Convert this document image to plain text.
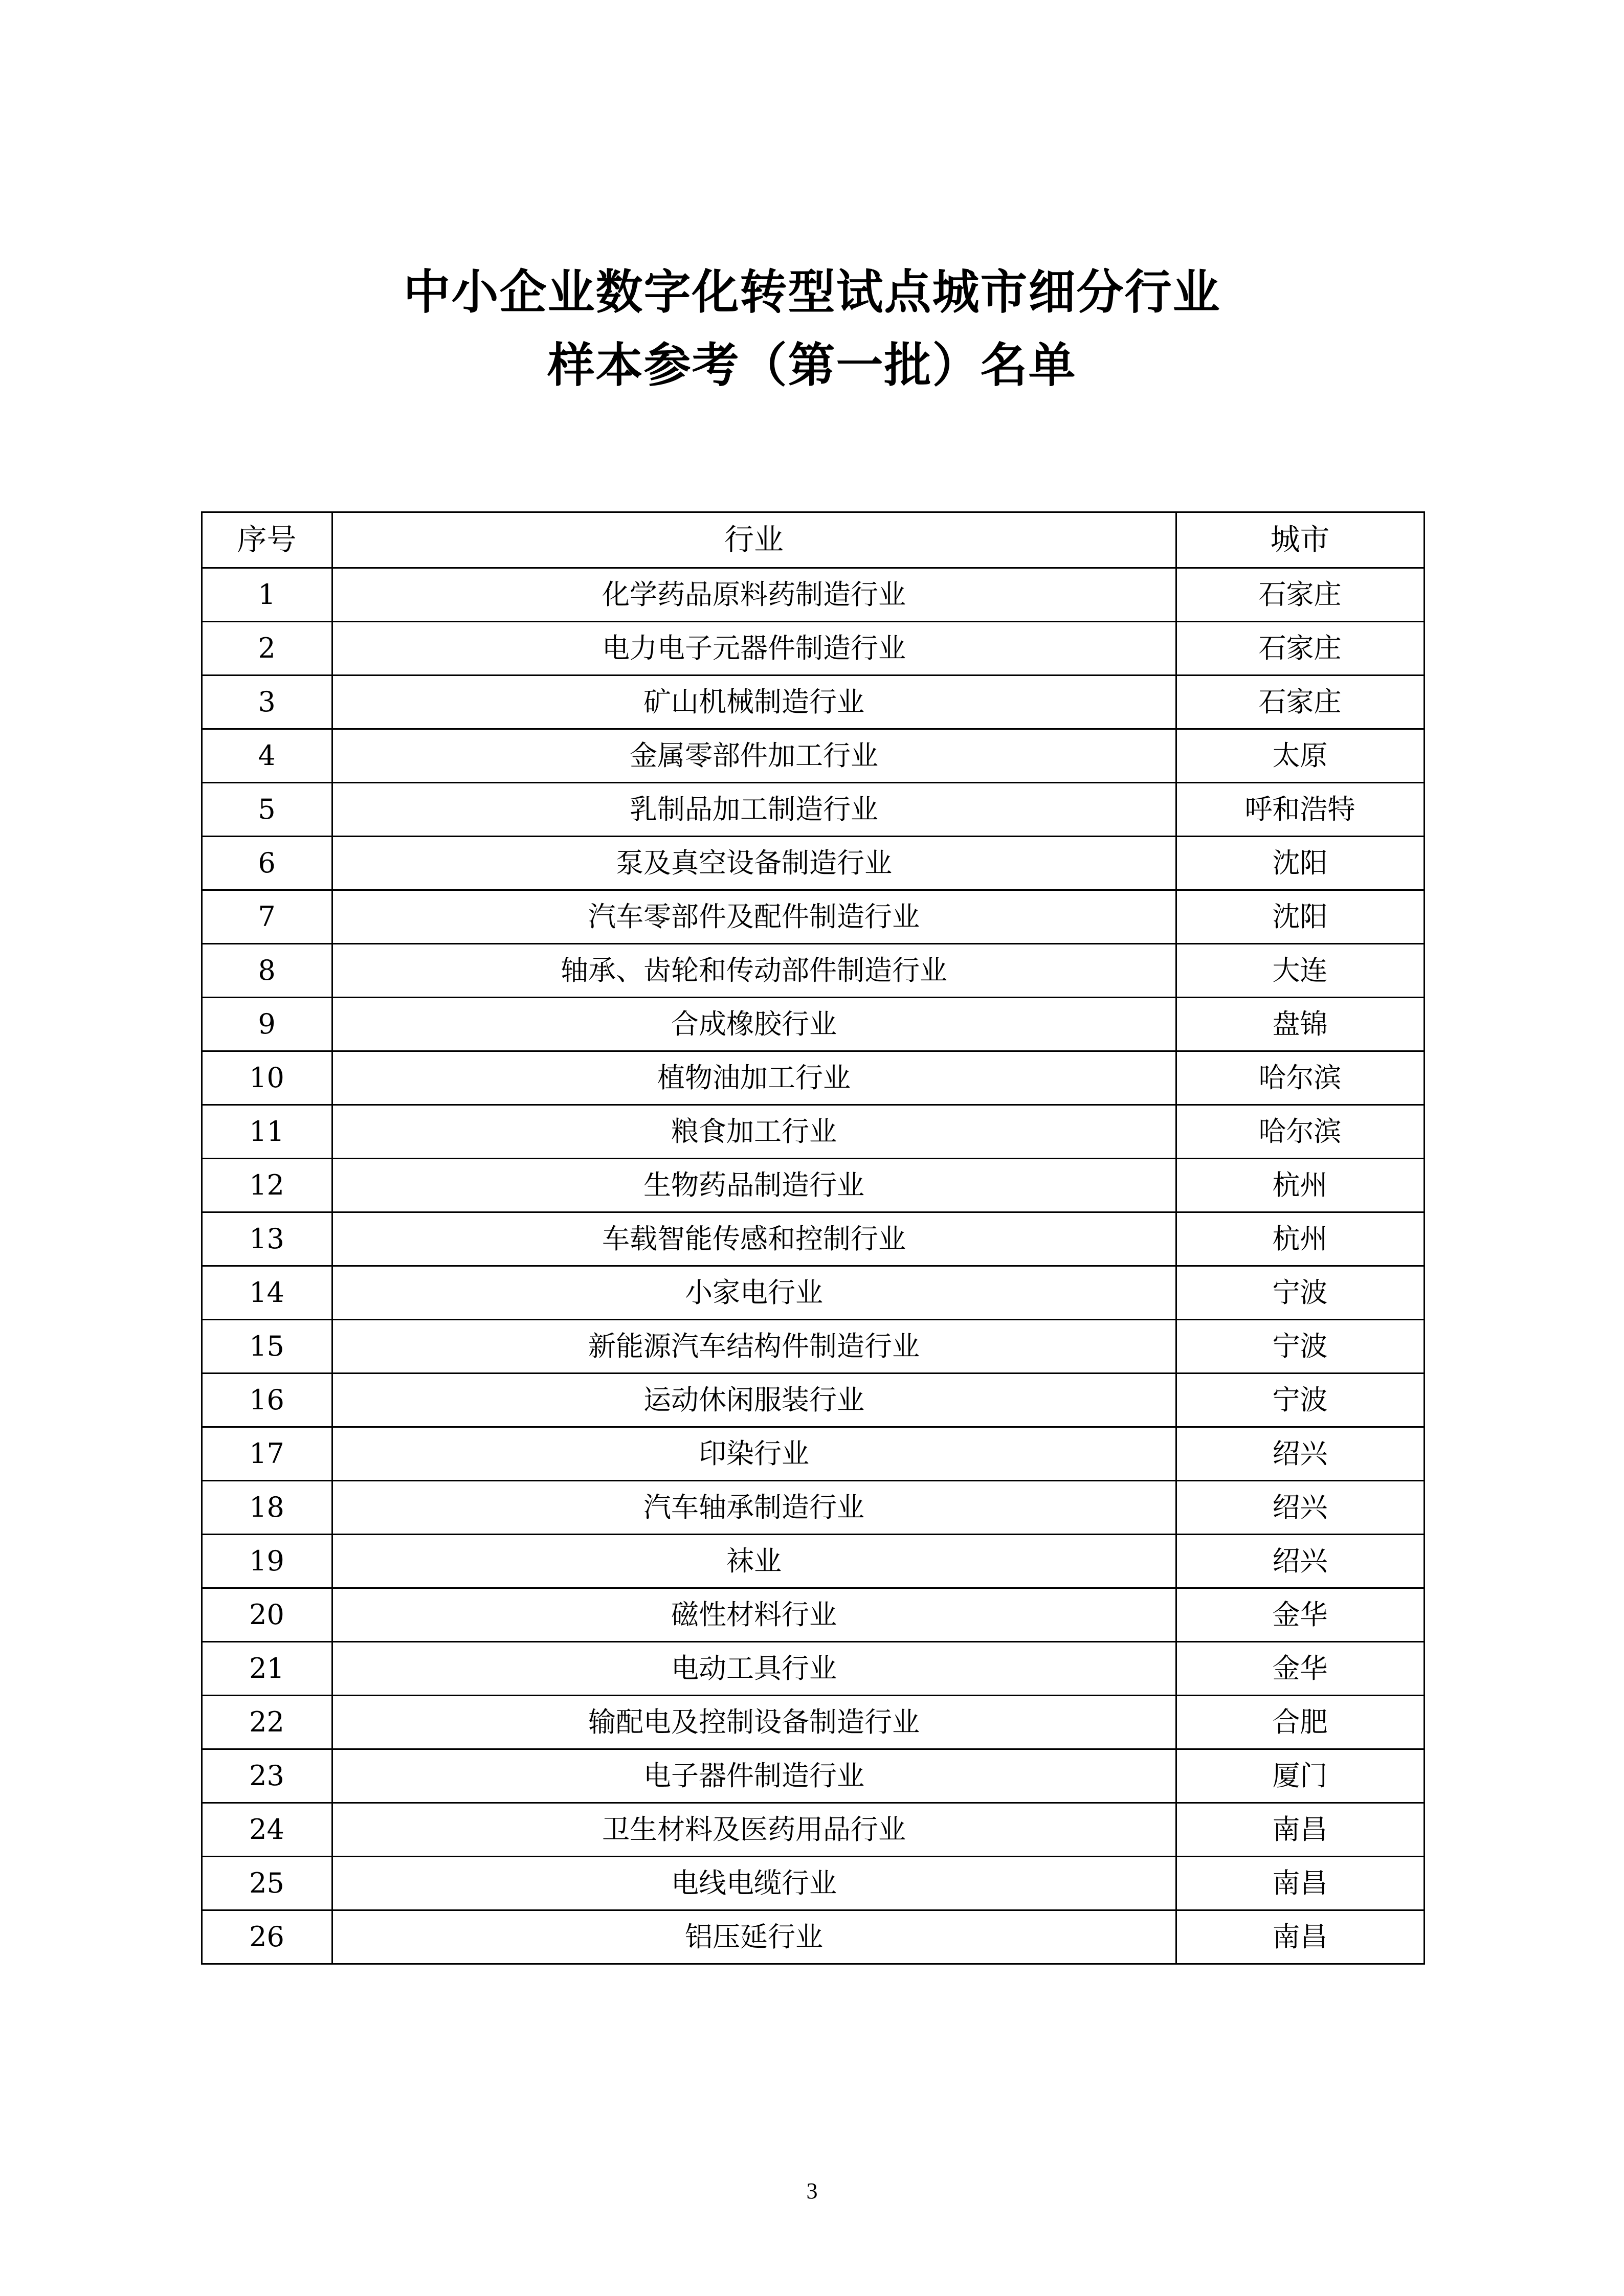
中小企业数字化转型试点城市细分行业
样本参考（第一批）名单
序号	行业	城市
1	化学药品原料药制造行业	石家庄
2	电力电子元器件制造行业	石家庄
3	矿山机械制造行业	石家庄
4	金属零部件加工行业	太原
5	乳制品加工制造行业	呼和浩特
6	泵及真空设备制造行业	沈阳
7	汽车零部件及配件制造行业	沈阳
8	轴承、齿轮和传动部件制造行业	大连
9	合成橡胶行业	盘锦
10	植物油加工行业	哈尔滨
11	粮食加工行业	哈尔滨
12	生物药品制造行业	杭州
13	车载智能传感和控制行业	杭州
14	小家电行业	宁波
15	新能源汽车结构件制造行业	宁波
16	运动休闲服装行业	宁波
17	印染行业	绍兴
18	汽车轴承制造行业	绍兴
19	袜业	绍兴
20	磁性材料行业	金华
21	电动工具行业	金华
22	输配电及控制设备制造行业	合肥
23	电子器件制造行业	厦门
24	卫生材料及医药用品行业	南昌
25	电线电缆行业	南昌
26	铝压延行业	南昌
3
